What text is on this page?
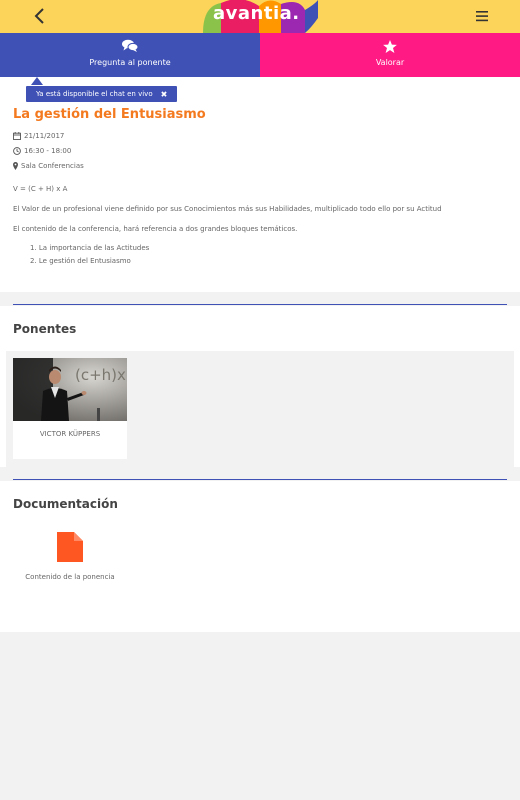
avantia.
Pregunta al ponente	Valorar
Ya está disponible el chat en vivo ✖
La gestión del Entusiasmo
21/11/2017
16:30 - 18:00
Sala Conferencias
V = (C + H) x A
El Valor de un profesional viene definido por sus Conocimientos más sus Habilidades, multiplicado todo ello por su Actitud
El contenido de la conferencia, hará referencia a dos grandes bloques temáticos.
1. La importancia de las Actitudes
2. Le gestión del Entusiasmo
Ponentes
(c+h)x
VICTOR KÜPPERS
Documentación
Contenido de la ponencia
